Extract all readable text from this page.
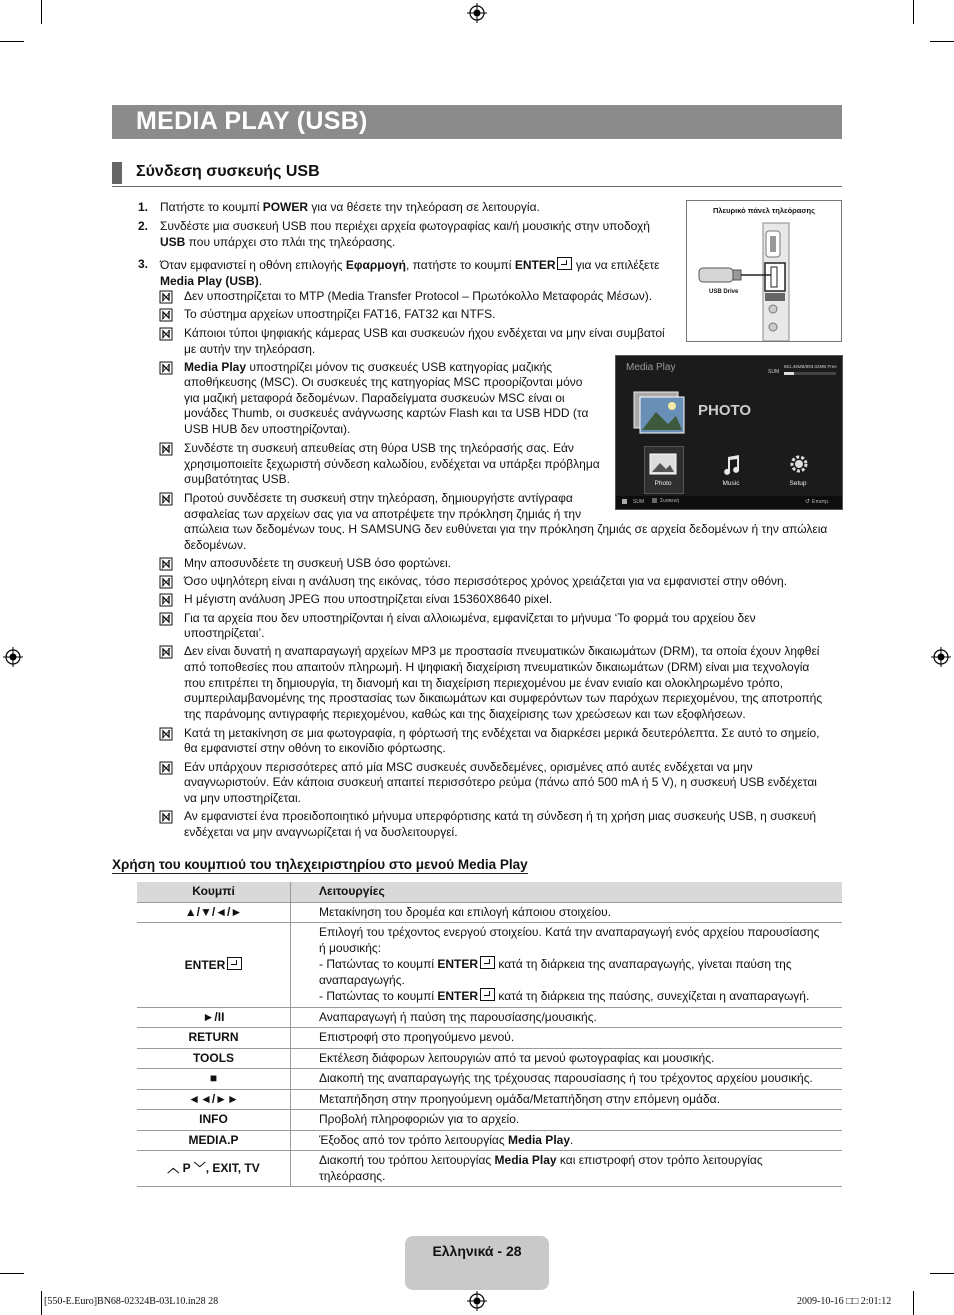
MEDIA PLAY (USB)
Σύνδεση συσκευής USB
1. Πατήστε το κουμπί POWER για να θέσετε την τηλεόραση σε λειτουργία.
2. Συνδέστε μια συσκευή USB που περιέχει αρχεία φωτογραφίας και/ή μουσικής στην υποδοχή
USB που υπάρχει στο πλάι της τηλεόρασης.
3. Όταν εμφανιστεί η οθόνη επιλογής Εφαρμογή, πατήστε το κουμπί ENTER για να επιλέξετε
Media Play (USB).
Δεν υποστηρίζεται το MTP (Media Transfer Protocol – Πρωτόκολλο Μεταφοράς Μέσων).
Το σύστημα αρχείων υποστηρίζει FAT16, FAT32 και NTFS.
Κάποιοι τύποι ψηφιακής κάμερας USB και συσκευών ήχου ενδέχεται να μην είναι συμβατοί
με αυτήν την τηλεόραση.
Media Play υποστηρίζει μόνον τις συσκευές USB κατηγορίας μαζικής
αποθήκευσης (MSC). Οι συσκευές της κατηγορίας MSC προορίζονται μόνο
για μαζική μεταφορά δεδομένων. Παραδείγματα συσκευών MSC είναι οι
μονάδες Thumb, οι συσκευές ανάγνωσης καρτών Flash και τα USB HDD (τα
USB HUB δεν υποστηρίζονται).
Συνδέστε τη συσκευή απευθείας στη θύρα USB της τηλεόρασής σας. Εάν
χρησιμοποιείτε ξεχωριστή σύνδεση καλωδίου, ενδέχεται να υπάρξει πρόβλημα
συμβατότητας USB.
Προτού συνδέσετε τη συσκευή στην τηλεόραση, δημιουργήστε αντίγραφα
ασφαλείας των αρχείων σας για να αποτρέψετε την πρόκληση ζημιάς ή την
απώλεια των δεδομένων τους. Η SAMSUNG δεν ευθύνεται για την πρόκληση ζημιάς σε αρχεία δεδομένων ή την απώλεια
δεδομένων.
Μην αποσυνδέετε τη συσκευή USB όσο φορτώνει.
Όσο υψηλότερη είναι η ανάλυση της εικόνας, τόσο περισσότερος χρόνος χρειάζεται για να εμφανιστεί στην οθόνη.
Η μέγιστη ανάλυση JPEG που υποστηρίζεται είναι 15360X8640 pixel.
Για τα αρχεία που δεν υποστηρίζονται ή είναι αλλοιωμένα, εμφανίζεται το μήνυμα ‘Το φορμά του αρχείου δεν
υποστηρίζεται’.
Δεν είναι δυνατή η αναπαραγωγή αρχείων MP3 με προστασία πνευματικών δικαιωμάτων (DRM), τα οποία έχουν ληφθεί
από τοποθεσίες που απαιτούν πληρωμή. Η ψηφιακή διαχείριση πνευματικών δικαιωμάτων (DRM) είναι μια τεχνολογία
που επιτρέπει τη δημιουργία, τη διανομή και τη διαχείριση περιεχομένου με έναν ενιαίο και ολοκληρωμένο τρόπο,
συμπεριλαμβανομένης της προστασίας των δικαιωμάτων και συμφερόντων των παρόχων περιεχομένου, της αποτροπής
της παράνομης αντιγραφής περιεχομένου, καθώς και της διαχείρισης των χρεώσεων και των εξοφλήσεων.
Κατά τη μετακίνηση σε μια φωτογραφία, η φόρτωσή της ενδέχεται να διαρκέσει μερικά δευτερόλεπτα. Σε αυτό το σημείο,
θα εμφανιστεί στην οθόνη το εικονίδιο φόρτωσης.
Εάν υπάρχουν περισσότερες από μία MSC συσκευές συνδεδεμένες, ορισμένες από αυτές ενδέχεται να μην
αναγνωριστούν. Εάν κάποια συσκευή απαιτεί περισσότερο ρεύμα (πάνω από 500 mA ή 5 V), η συσκευή USB ενδέχεται
να μην υποστηρίζεται.
Αν εμφανιστεί ένα προειδοποιητικό μήνυμα υπερφόρτισης κατά τη σύνδεση ή τη χρήση μιας συσκευής USB, η συσκευή
ενδέχεται να μην αναγνωρίζεται ή να δυσλειτουργεί.
Πλευρικό πάνελ τηλεόρασης
USB Drive
Media Play	SUM
851.46MB/993.02MB Free
PHOTO
Photo	Music	Setup
SUM	Συσκευή	Επιστρ.
↺
Χρήση του κουμπιού του τηλεχειριστηρίου στο μενού Media Play
Κουμπί	Λειτουργίες
▲/▼/◄/►	Μετακίνηση του δρομέα και επιλογή κάποιου στοιχείου.
ENTER	Επιλογή του τρέχοντος ενεργού στοιχείου. Κατά την αναπαραγωγή ενός αρχείου παρουσίασης
ή μουσικής:
- Πατώντας το κουμπί ENTER κατά τη διάρκεια της αναπαραγωγής, γίνεται παύση της
αναπαραγωγής.
- Πατώντας το κουμπί ENTER κατά τη διάρκεια της παύσης, συνεχίζεται η αναπαραγωγή.
►/II	Αναπαραγωγή ή παύση της παρουσίασης/μουσικής.
RETURN	Επιστροφή στο προηγούμενο μενού.
TOOLS	Εκτέλεση διάφορων λειτουργιών από τα μενού φωτογραφίας και μουσικής.
■	Διακοπή της αναπαραγωγής της τρέχουσας παρουσίασης ή του τρέχοντος αρχείου μουσικής.
◄◄/►►	Μεταπήδηση στην προηγούμενη ομάδα/Μεταπήδηση στην επόμενη ομάδα.
INFO	Προβολή πληροφοριών για το αρχείο.
MEDIA.P	Έξοδος από τον τρόπο λειτουργίας Media Play.
︿ P ﹀, EXIT, TV	Διακοπή του τρόπου λειτουργίας Media Play και επιστροφή στον τρόπο λειτουργίας
τηλεόρασης.
Ελληνικά - 28
[550-E.Euro]BN68-02324B-03L10.in28 28	2009-10-16 □□ 2:01:12
